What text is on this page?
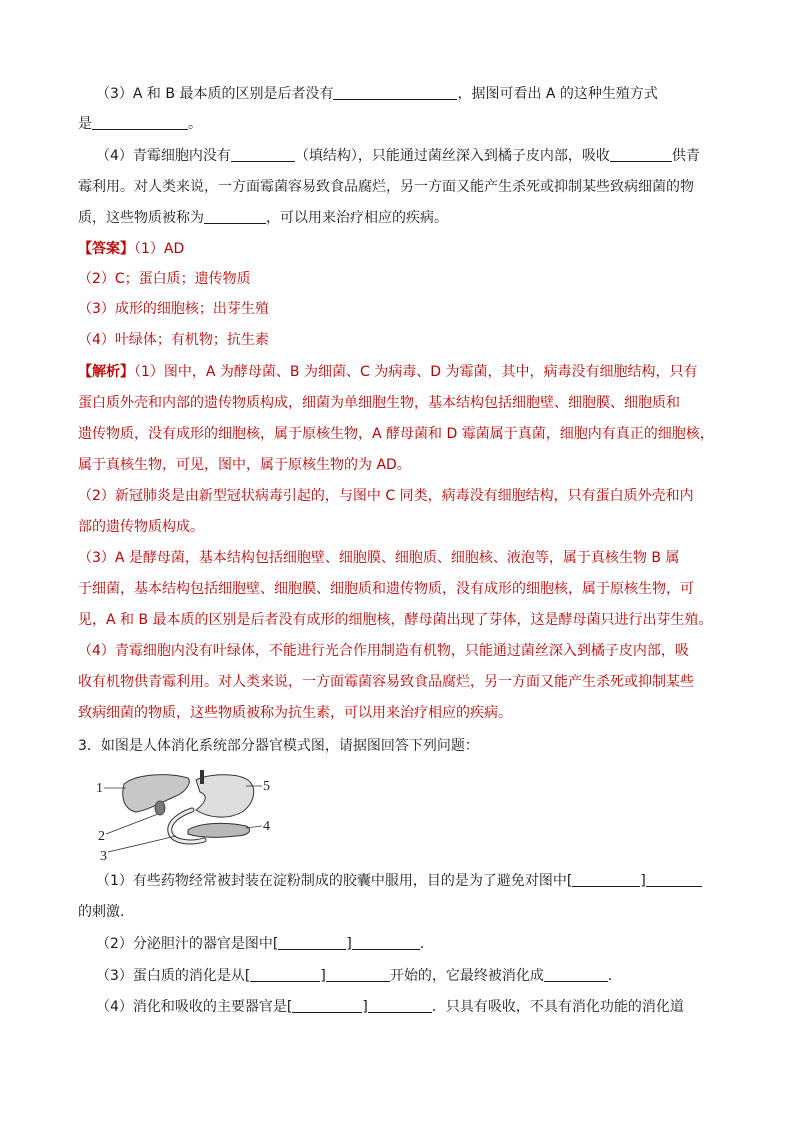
（3）A 和 B 最本质的区别是后者没有	，据图可看出 A 的这种生殖方式
是	。
（4）青霉细胞内没有	（填结构），只能通过菌丝深入到橘子皮内部，吸收	供青
霉利用。对人类来说，一方面霉菌容易致食品腐烂，另一方面又能产生杀死或抑制某些致病细菌的物
质，这些物质被称为	，可以用来治疗相应的疾病。
【答案】（1）AD
（2）C；蛋白质；遗传物质
（3）成形的细胞核；出芽生殖
（4）叶绿体；有机物；抗生素
【解析】（1）图中，A 为酵母菌、B 为细菌、C 为病毒、D 为霉菌，其中，病毒没有细胞结构，只有
蛋白质外壳和内部的遗传物质构成，细菌为单细胞生物，基本结构包括细胞壁、细胞膜、细胞质和
遗传物质，没有成形的细胞核，属于原核生物，A 酵母菌和 D 霉菌属于真菌，细胞内有真正的细胞核，
属于真核生物，可见，图中，属于原核生物的为 AD。
（2）新冠肺炎是由新型冠状病毒引起的，与图中 C 同类，病毒没有细胞结构，只有蛋白质外壳和内
部的遗传物质构成。
（3）A 是酵母菌，基本结构包括细胞壁、细胞膜、细胞质、细胞核、液泡等，属于真核生物 B 属
于细菌，基本结构包括细胞壁、细胞膜、细胞质和遗传物质，没有成形的细胞核，属于原核生物，可
见，A 和 B 最本质的区别是后者没有成形的细胞核，酵母菌出现了芽体，这是酵母菌只进行出芽生殖。
（4）青霉细胞内没有叶绿体，不能进行光合作用制造有机物，只能通过菌丝深入到橘子皮内部，吸
收有机物供青霉利用。对人类来说，一方面霉菌容易致食品腐烂，另一方面又能产生杀死或抑制某些
致病细菌的物质，这些物质被称为抗生素，可以用来治疗相应的疾病。
3．如图是人体消化系统部分器官模式图，请据图回答下列问题：
1
2
3
4
5
（1）有些药物经常被封装在淀粉制成的胶囊中服用，目的是为了避免对图中[	]
的刺激．
（2）分泌胆汁的器官是图中[	]	．
（3）蛋白质的消化是从[	]	开始的，它最终被消化成	．
（4）消化和吸收的主要器官是[	]	．只具有吸收，不具有消化功能的消化道
